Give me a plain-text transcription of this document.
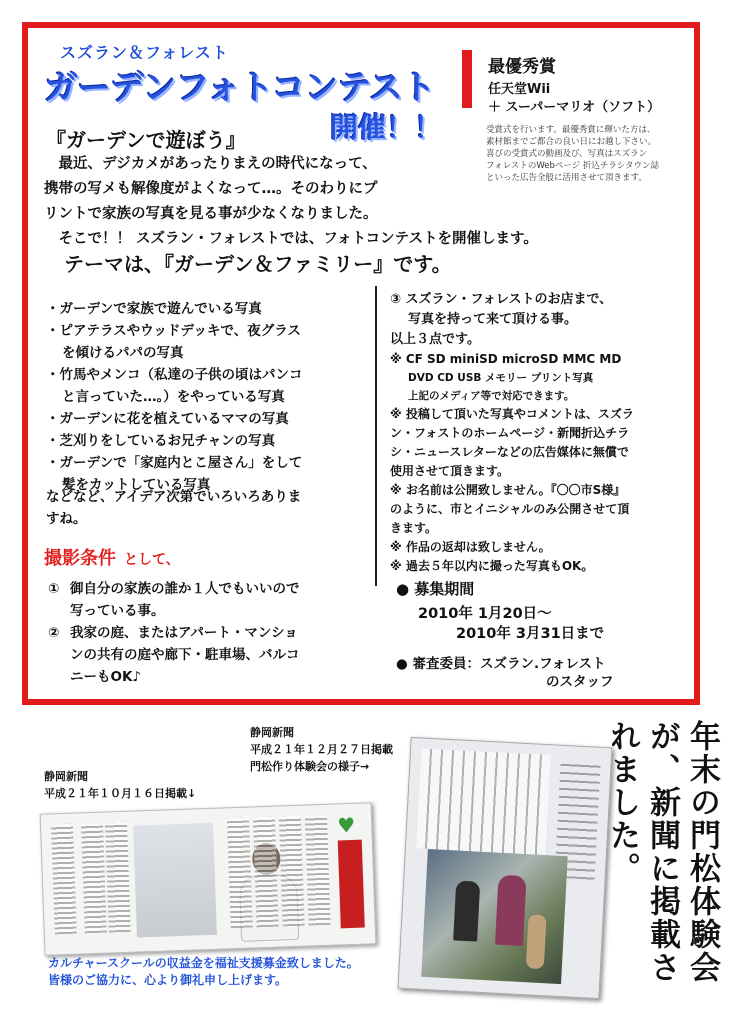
スズラン＆フォレスト
ガーデンフォトコンテスト
開催！！
最優秀賞
任天堂Wii
＋ スーパーマリオ（ソフト）
受賞式を行います。最優秀賞に輝いた方は、
素材館までご都合の良い日にお越し下さい。
喜びの受賞式の動画及び、写真はスズラン
フォレストのWebページ 折込チラシタウン誌
といった広告全般に活用させて頂きます。
『ガーデンで遊ぼう』

　最近、デジカメがあったりまえの時代になって、

携帯の写メも解像度がよくなって…。そのわりにプ

リントで家族の写真を見る事が少なくなりました。

　そこで！！ スズラン・フォレストでは、フォトコンテストを開催します。

テーマは、『ガーデン＆ファミリー』です。
・ガーデンで家族で遊んでいる写真
・ピアテラスやウッドデッキで、夜グラス
を傾けるパパの写真
・竹馬やメンコ（私達の子供の頃はパンコ
と言っていた…。）をやっている写真
・ガーデンに花を植えているママの写真
・芝刈りをしているお兄チャンの写真
・ガーデンで「家庭内とこ屋さん」をして
髪をカットしている写真
などなど、アイデア次第でいろいろありま
すね。
撮影条件 として、
① 御自分の家族の誰か１人でもいいので
写っている事。
② 我家の庭、またはアパート・マンショ
ンの共有の庭や廊下・駐車場、バルコ
ニーもOK♪
③ スズラン・フォレストのお店まで、
写真を持って来て頂ける事。
以上３点です。
※ CF SD miniSD microSD MMC MD
DVD CD USB メモリー プリント写真
上記のメディア等で対応できます。
※ 投稿して頂いた写真やコメントは、スズラ
ン・フォストのホームページ・新聞折込チラ
シ・ニュースレターなどの広告媒体に無償で
使用させて頂きます。
※ お名前は公開致しません。『〇〇市S様』
のように、市とイニシャルのみ公開させて頂
きます。
※ 作品の返却は致しません。
※ 過去５年以内に撮った写真もOK。
● 募集期間
2010年 1月20日～
2010年 3月31日まで
● 審査委員：スズラン.フォレスト
のスタッフ
静岡新聞
平成２１年１２月２７日掲載
門松作り体験会の様子→
静岡新聞
平成２１年１０月１６日掲載↓
♥	年末の門松体験会が、新聞に掲載されました。
カルチャースクールの収益金を福祉支援募金致しました。
皆様のご協力に、心より御礼申し上げます。
